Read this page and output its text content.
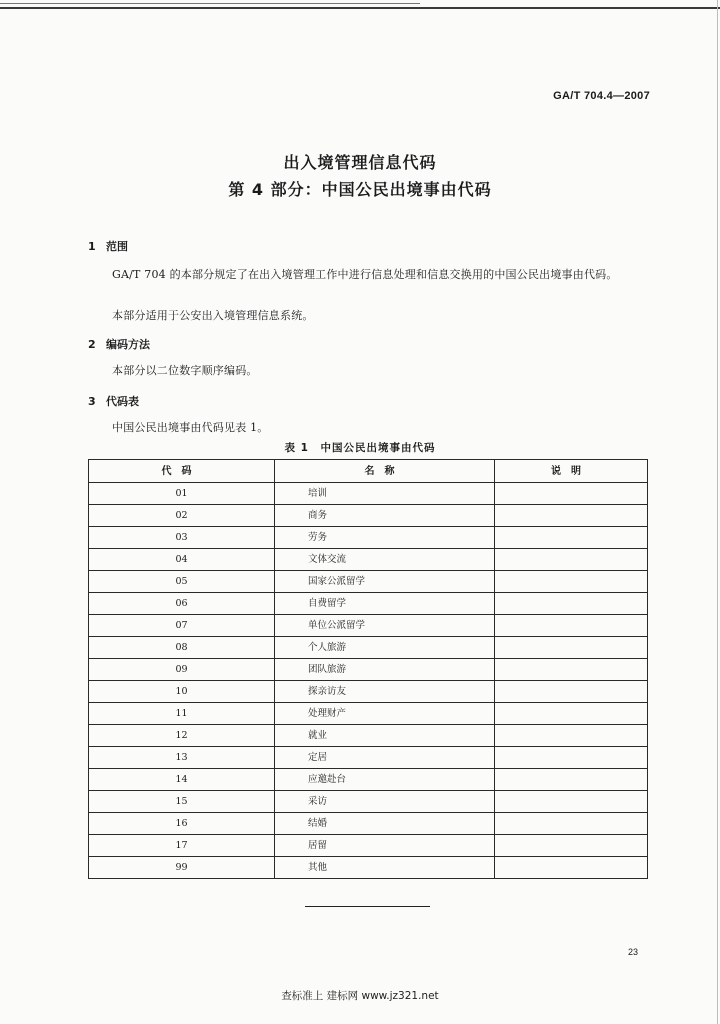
GA/T 704.4—2007
出入境管理信息代码
第 4 部分：中国公民出境事由代码
1 范围
GA/T 704 的本部分规定了在出入境管理工作中进行信息处理和信息交换用的中国公民出境事由代码。
本部分适用于公安出入境管理信息系统。
2 编码方法
本部分以二位数字顺序编码。
3 代码表
中国公民出境事由代码见表 1。
表 1　中国公民出境事由代码
代码	名称	说明
01	培训	
02	商务	
03	劳务	
04	文体交流	
05	国家公派留学	
06	自费留学	
07	单位公派留学	
08	个人旅游	
09	团队旅游	
10	探亲访友	
11	处理财产	
12	就业	
13	定居	
14	应邀赴台	
15	采访	
16	结婚	
17	居留	
99	其他	
23
查标准上 建标网 www.jz321.net
